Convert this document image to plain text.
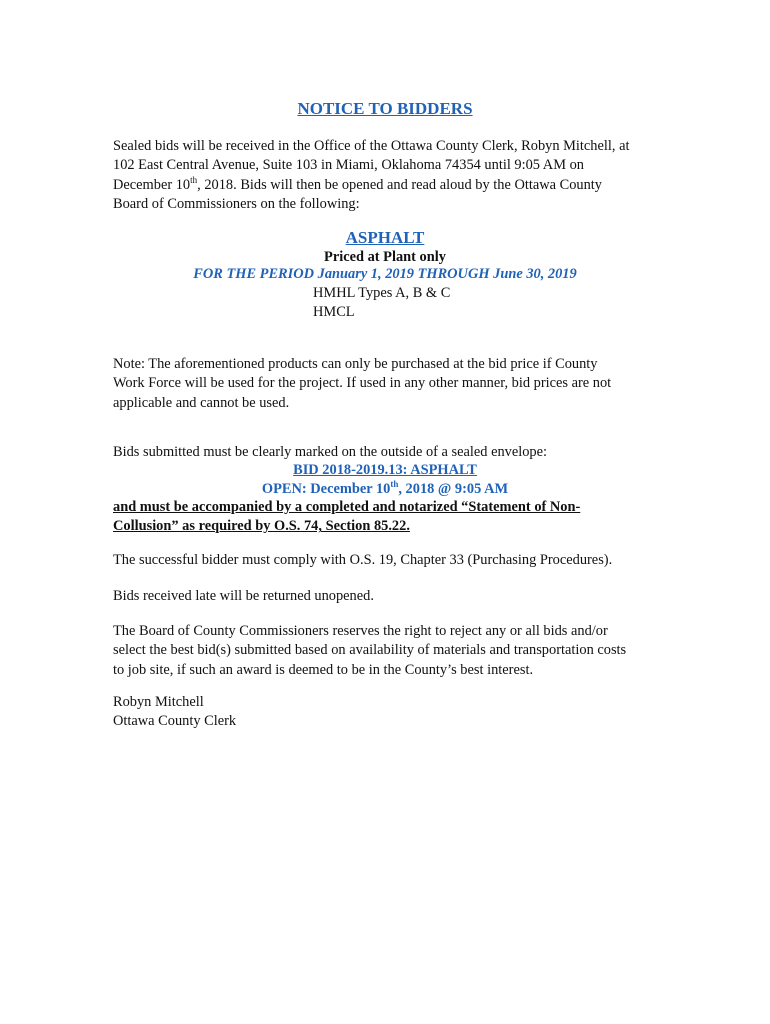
NOTICE TO BIDDERS
Sealed bids will be received in the Office of the Ottawa County Clerk, Robyn Mitchell, at
102 East Central Avenue, Suite 103 in Miami, Oklahoma 74354 until 9:05 AM on
December 10th, 2018. Bids will then be opened and read aloud by the Ottawa County
Board of Commissioners on the following:
ASPHALT
Priced at Plant only
FOR THE PERIOD January 1, 2019 THROUGH June 30, 2019
HMHL Types A, B & C
HMCL
Note: The aforementioned products can only be purchased at the bid price if County
Work Force will be used for the project. If used in any other manner, bid prices are not
applicable and cannot be used.
Bids submitted must be clearly marked on the outside of a sealed envelope:
BID 2018-2019.13: ASPHALT
OPEN: December 10th, 2018 @ 9:05 AM
and must be accompanied by a completed and notarized “Statement of Non-
Collusion” as required by O.S. 74, Section 85.22.
The successful bidder must comply with O.S. 19, Chapter 33 (Purchasing Procedures).
Bids received late will be returned unopened.
The Board of County Commissioners reserves the right to reject any or all bids and/or
select the best bid(s) submitted based on availability of materials and transportation costs
to job site, if such an award is deemed to be in the County’s best interest.
Robyn Mitchell
Ottawa County Clerk
